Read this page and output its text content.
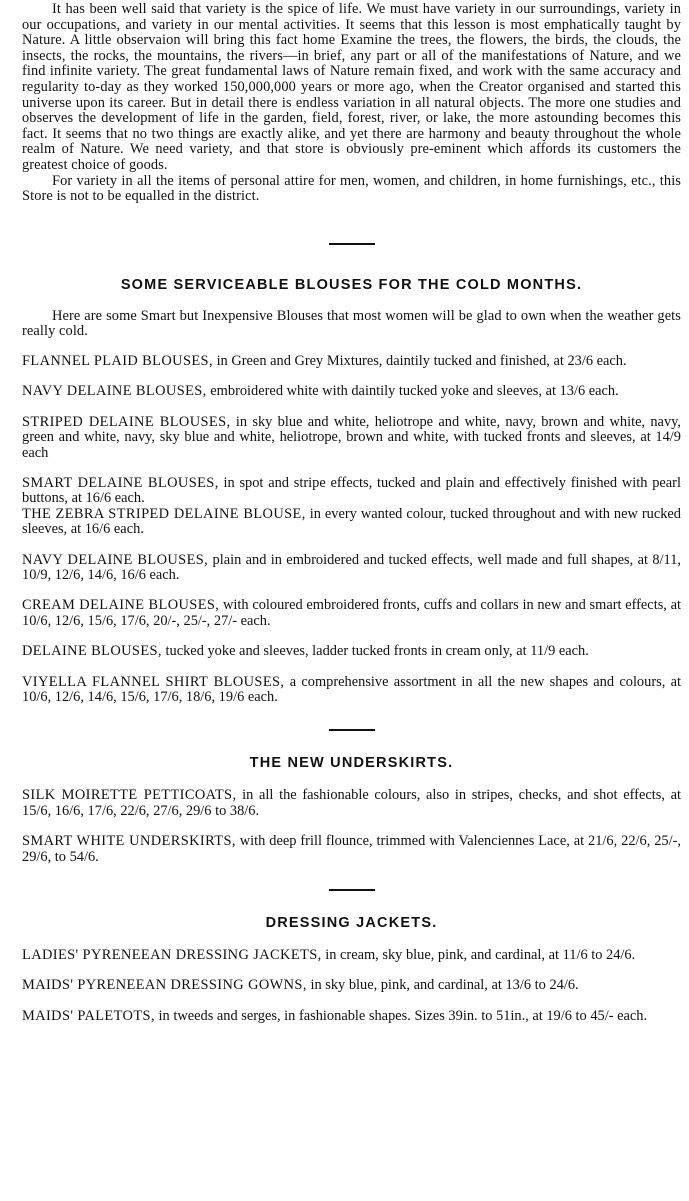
It has been well said that variety is the spice of life. We must have variety in our surroundings, variety in our occupations, and variety in our mental activities. It seems that this lesson is most emphatically taught by Nature. A little observaion will bring this fact home Examine the trees, the flowers, the birds, the clouds, the insects, the rocks, the mountains, the rivers—in brief, any part or all of the manifestations of Nature, and we find infinite variety. The great fundamental laws of Nature remain fixed, and work with the same accuracy and regularity to-day as they worked 150,000,000 years or more ago, when the Creator organised and started this universe upon its career. But in detail there is endless variation in all natural objects. The more one studies and observes the development of life in the garden, field, forest, river, or lake, the more astounding becomes this fact. It seems that no two things are exactly alike, and yet there are harmony and beauty throughout the whole realm of Nature. We need variety, and that store is obviously pre-eminent which affords its customers the greatest choice of goods.

For variety in all the items of personal attire for men, women, and children, in home furnishings, etc., this Store is not to be equalled in the district.

SOME SERVICEABLE BLOUSES FOR THE COLD MONTHS.

Here are some Smart but Inexpensive Blouses that most women will be glad to own when the weather gets really cold.

FLANNEL PLAID BLOUSES, in Green and Grey Mixtures, daintily tucked and finished, at 23/6 each.

NAVY DELAINE BLOUSES, embroidered white with daintily tucked yoke and sleeves, at 13/6 each.

STRIPED DELAINE BLOUSES, in sky blue and white, heliotrope and white, navy, brown and white, navy, green and white, navy, sky blue and white, heliotrope, brown and white, with tucked fronts and sleeves, at 14/9 each

SMART DELAINE BLOUSES, in spot and stripe effects, tucked and plain and effectively finished with pearl buttons, at 16/6 each.

THE ZEBRA STRIPED DELAINE BLOUSE, in every wanted colour, tucked throughout and with new rucked sleeves, at 16/6 each.

NAVY DELAINE BLOUSES, plain and in embroidered and tucked effects, well made and full shapes, at 8/11, 10/9, 12/6, 14/6, 16/6 each.

CREAM DELAINE BLOUSES, with coloured embroidered fronts, cuffs and collars in new and smart effects, at 10/6, 12/6, 15/6, 17/6, 20/-, 25/-, 27/- each.

DELAINE BLOUSES, tucked yoke and sleeves, ladder tucked fronts in cream only, at 11/9 each.

VIYELLA FLANNEL SHIRT BLOUSES, a comprehensive assortment in all the new shapes and colours, at 10/6, 12/6, 14/6, 15/6, 17/6, 18/6, 19/6 each.

THE NEW UNDERSKIRTS.

SILK MOIRETTE PETTICOATS, in all the fashionable colours, also in stripes, checks, and shot effects, at 15/6, 16/6, 17/6, 22/6, 27/6, 29/6 to 38/6.

SMART WHITE UNDERSKIRTS, with deep frill flounce, trimmed with Valenciennes Lace, at 21/6, 22/6, 25/-, 29/6, to 54/6.

DRESSING JACKETS.

LADIES' PYRENEEAN DRESSING JACKETS, in cream, sky blue, pink, and cardinal, at 11/6 to 24/6.

MAIDS' PYRENEEAN DRESSING GOWNS, in sky blue, pink, and cardinal, at 13/6 to 24/6.

MAIDS' PALETOTS, in tweeds and serges, in fashionable shapes. Sizes 39in. to 51in., at 19/6 to 45/- each.
